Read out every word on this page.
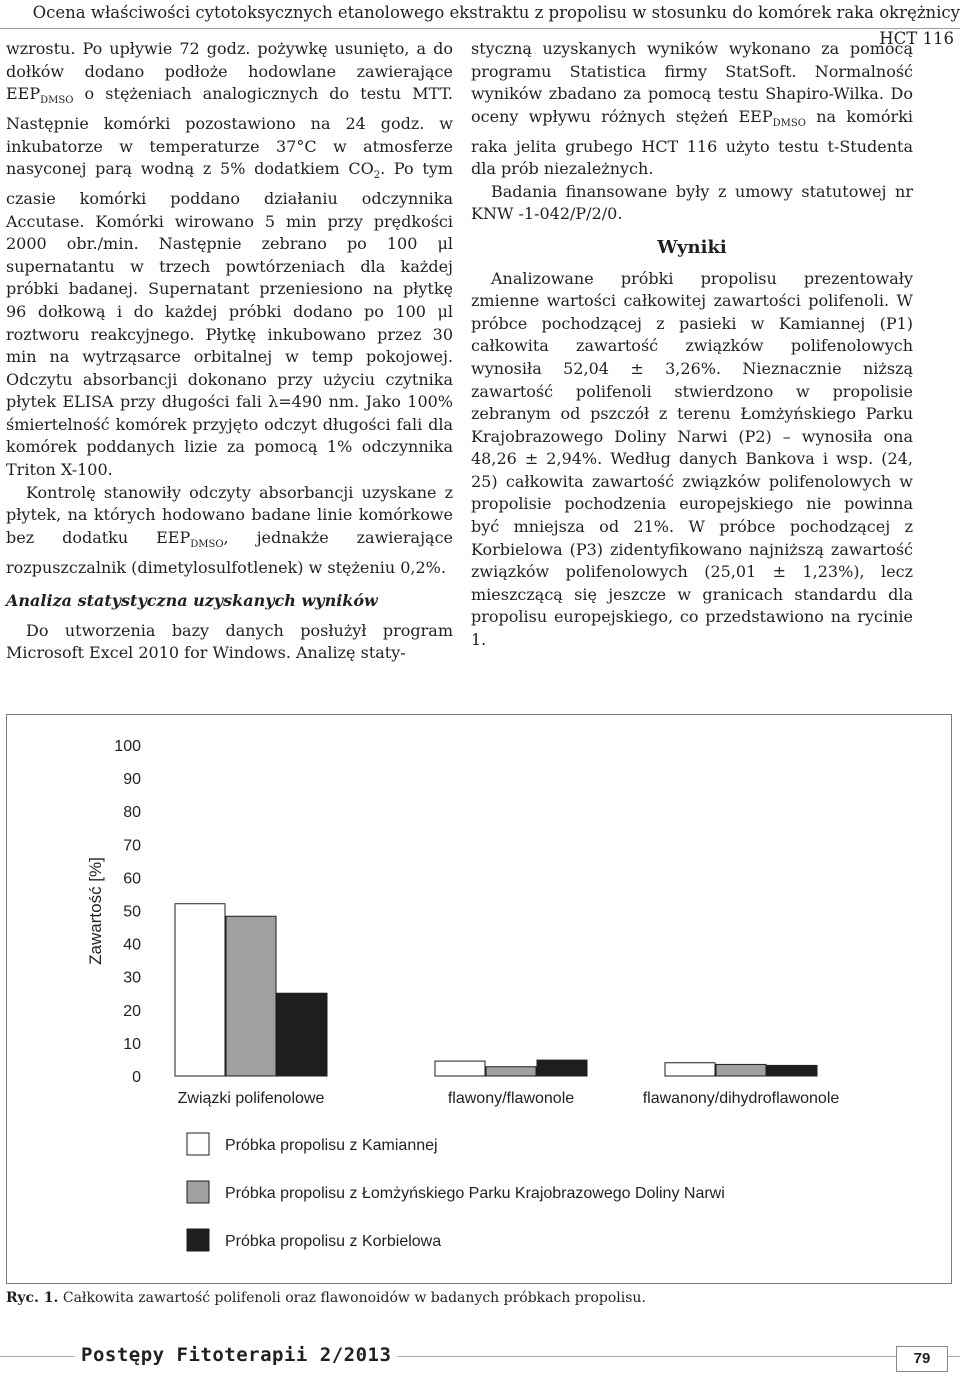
Ocena właściwości cytotoksycznych etanolowego ekstraktu z propolisu w stosunku do komórek raka okrężnicy HCT 116

wzrostu. Po upływie 72 godz. pożywkę usunięto, a do dołków dodano podłoże hodowlane zawierające $EEP_{DMSO}$ o stężeniach analogicznych do testu MTT. Następnie komórki pozostawiono na 24 godz. w inkubatorze w temperaturze 37°C w atmosferze nasyconej parą wodną z 5% dodatkiem $CO_2$. Po tym czasie komórki poddano działaniu odczynnika Accutase. Komórki wirowano 5 min przy prędkości 2000 obr./min. Następnie zebrano po 100 μl supernatantu w trzech powtórzeniach dla każdej próbki badanej. Supernatant przeniesiono na płytkę 96 dołkową i do każdej próbki dodano po 100 μl roztworu reakcyjnego. Płytkę inkubowano przez 30 min na wytrząsarce orbitalnej w temp pokojowej. Odczytu absorbancji dokonano przy użyciu czytnika płytek ELISA przy długości fali λ=490 nm. Jako 100% śmiertelność komórek przyjęto odczyt długości fali dla komórek poddanych lizie za pomocą 1% odczynnika Triton X-100.

Kontrolę stanowiły odczyty absorbancji uzyskane z płytek, na których hodowano badane linie komórkowe bez dodatku $EEP_{DMSO}$, jednakże zawierające rozpuszczalnik (dimetylosulfotlenek) w stężeniu 0,2%.

Analiza statystyczna uzyskanych wyników

Do utworzenia bazy danych posłużył program Microsoft Excel 2010 for Windows. Analizę staty-

styczną uzyskanych wyników wykonano za pomocą programu Statistica firmy StatSoft. Normalność wyników zbadano za pomocą testu Shapiro-Wilka. Do oceny wpływu różnych stężeń $EEP_{DMSO}$ na komórki raka jelita grubego HCT 116 użyto testu t-Studenta dla prób niezależnych.

Badania finansowane były z umowy statutowej nr KNW -1-042/P/2/0.

Wyniki

Analizowane próbki propolisu prezentowały zmienne wartości całkowitej zawartości polifenoli. W próbce pochodzącej z pasieki w Kamiannej (P1) całkowita zawartość związków polifenolowych wynosiła 52,04 ± 3,26%. Nieznacznie niższą zawartość polifenoli stwierdzono w propolisie zebranym od pszczół z terenu Łomżyńskiego Parku Krajobrazowego Doliny Narwi (P2) – wynosiła ona 48,26 ± 2,94%. Według danych Bankova i wsp. (24, 25) całkowita zawartość związków polifenolowych w propolisie pochodzenia europejskiego nie powinna być mniejsza od 21%. W próbce pochodzącej z Korbielowa (P3) zidentyfikowano najniższą zawartość związków polifenolowych (25,01 ± 1,23%), lecz mieszczącą się jeszcze w granicach standardu dla propolisu europejskiego, co przedstawiono na rycinie 1.

100
90
80
70
60
50
40
30
20
10
0
Zawartość [%]
Związki polifenolowe	flawony/flawonole	flawanony/dihydroflawonole
Próbka propolisu z Kamiannej
Próbka propolisu z Łomżyńskiego Parku Krajobrazowego Doliny Narwi
Próbka propolisu z Korbielowa
Ryc. 1. Całkowita zawartość polifenoli oraz flawonoidów w badanych próbkach propolisu.
Postępy Fitoterapii 2/2013	79
